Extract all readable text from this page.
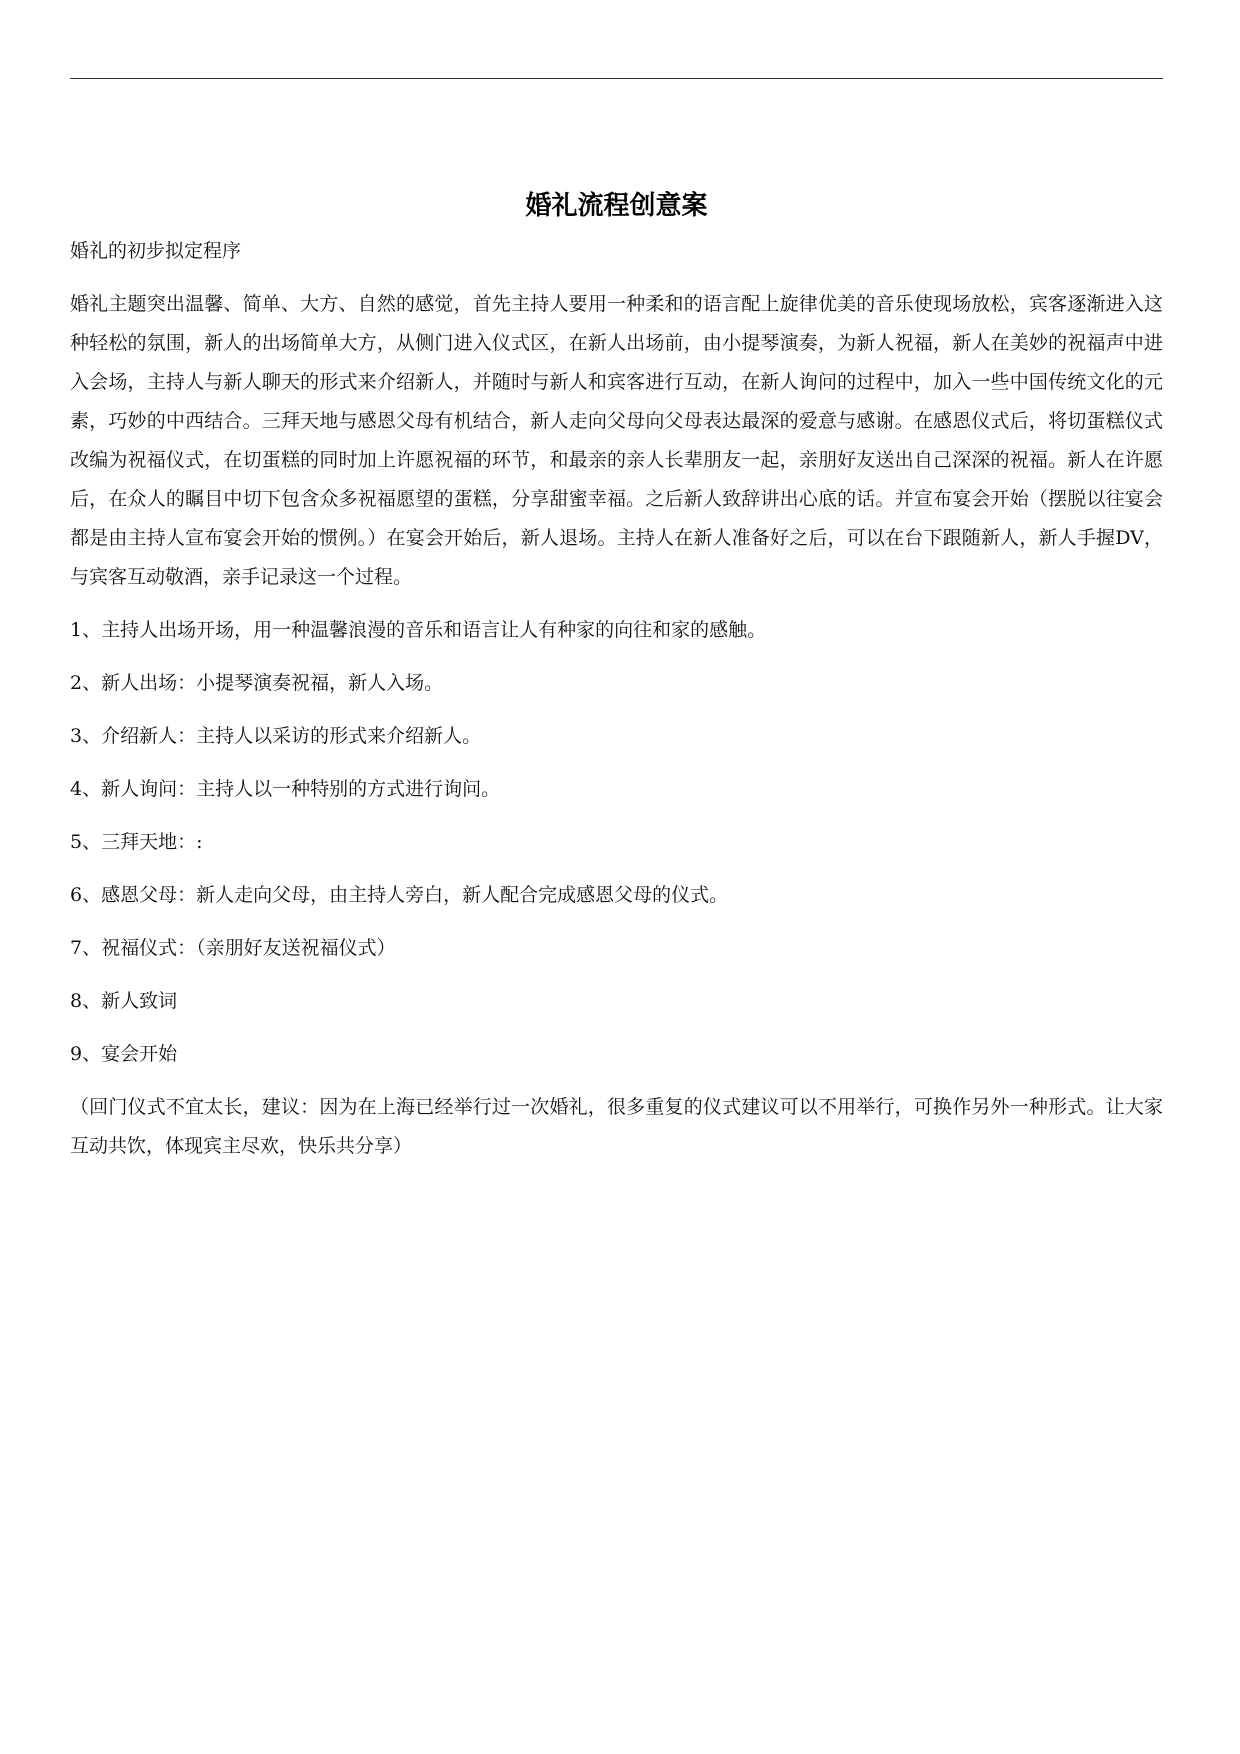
婚礼流程创意案

婚礼的初步拟定程序

婚礼主题突出温馨、简单、大方、自然的感觉，首先主持人要用一种柔和的语言配上旋律优美的音乐使现场放松，宾客逐渐进入这种轻松的氛围，新人的出场简单大方，从侧门进入仪式区，在新人出场前，由小提琴演奏，为新人祝福，新人在美妙的祝福声中进入会场，主持人与新人聊天的形式来介绍新人，并随时与新人和宾客进行互动，在新人询问的过程中，加入一些中国传统文化的元素，巧妙的中西结合。三拜天地与感恩父母有机结合，新人走向父母向父母表达最深的爱意与感谢。在感恩仪式后，将切蛋糕仪式改编为祝福仪式，在切蛋糕的同时加上许愿祝福的环节，和最亲的亲人长辈朋友一起，亲朋好友送出自己深深的祝福。新人在许愿后，在众人的瞩目中切下包含众多祝福愿望的蛋糕，分享甜蜜幸福。之后新人致辞讲出心底的话。并宣布宴会开始（摆脱以往宴会都是由主持人宣布宴会开始的惯例。）在宴会开始后，新人退场。主持人在新人准备好之后，可以在台下跟随新人，新人手握DV，与宾客互动敬酒，亲手记录这一个过程。

1、主持人出场开场，用一种温馨浪漫的音乐和语言让人有种家的向往和家的感触。

2、新人出场：小提琴演奏祝福，新人入场。

3、介绍新人：主持人以采访的形式来介绍新人。

4、新人询问：主持人以一种特别的方式进行询问。

5、三拜天地：:

6、感恩父母：新人走向父母，由主持人旁白，新人配合完成感恩父母的仪式。

7、祝福仪式：（亲朋好友送祝福仪式）

8、新人致词

9、宴会开始

（回门仪式不宜太长，建议：因为在上海已经举行过一次婚礼，很多重复的仪式建议可以不用举行，可换作另外一种形式。让大家互动共饮，体现宾主尽欢，快乐共分享）
